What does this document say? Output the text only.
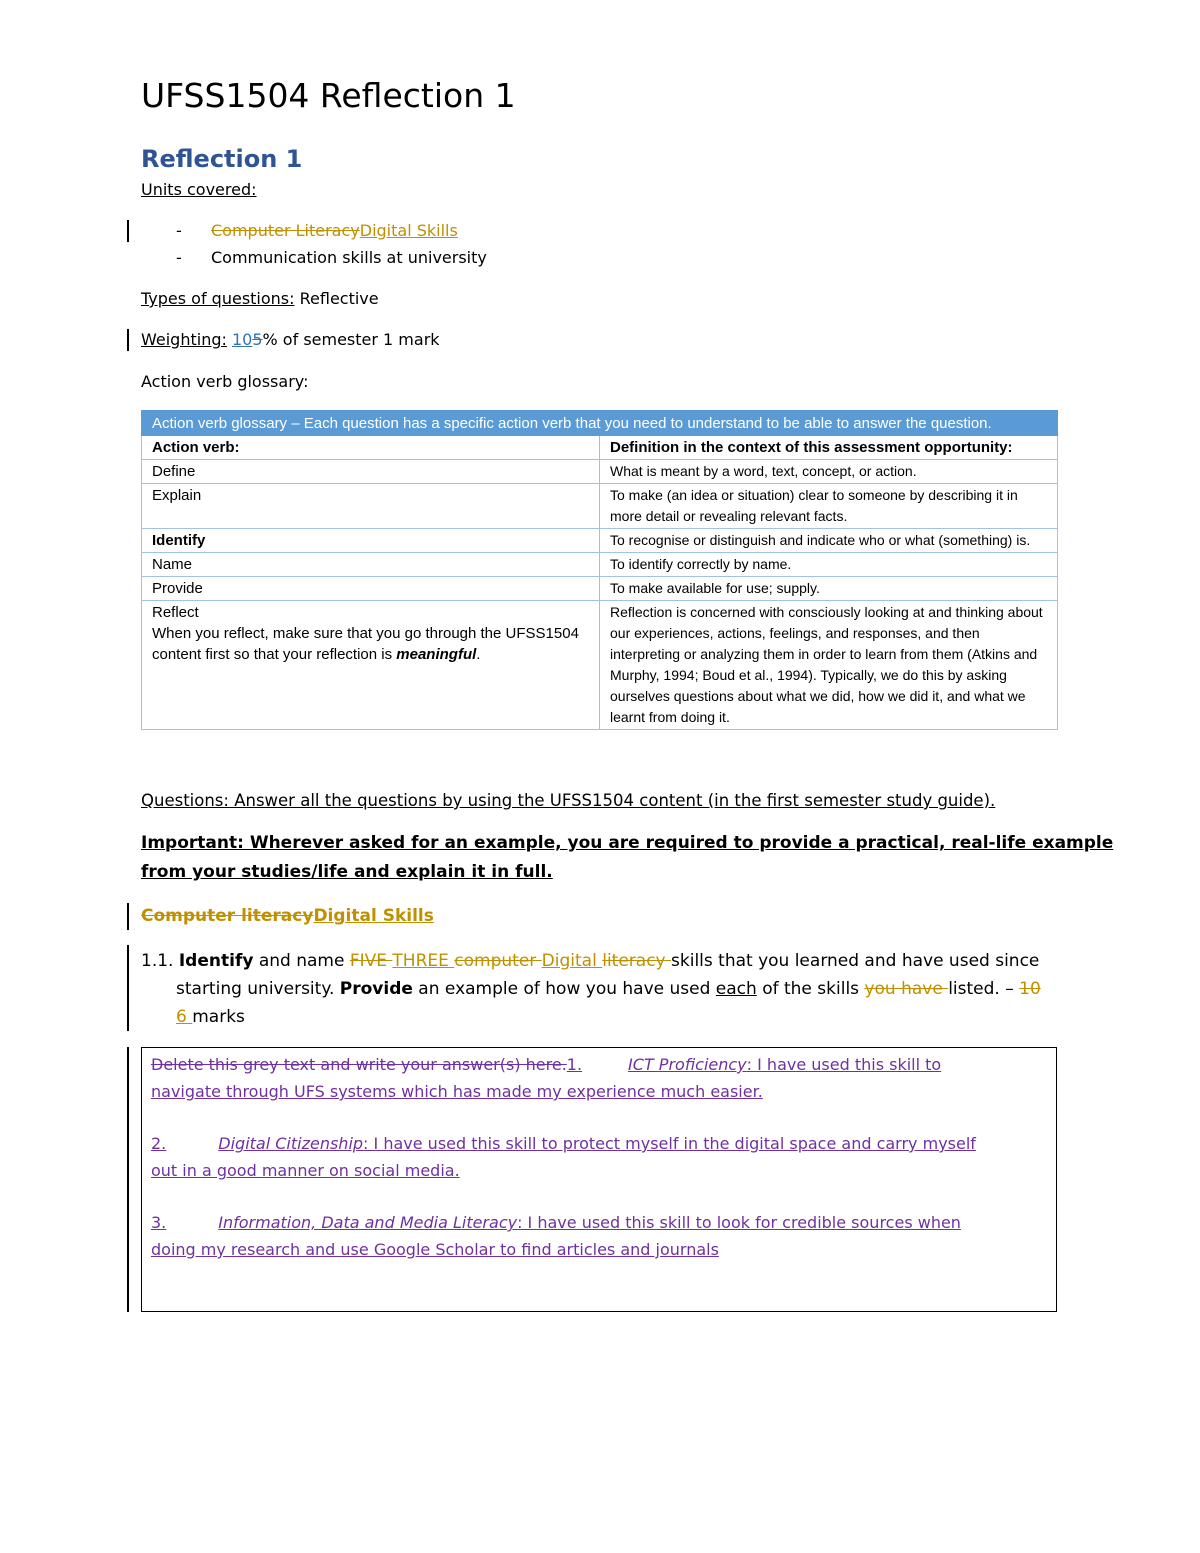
UFSS1504 Reflection 1
Reflection 1
Units covered:
- Computer LiteracyDigital Skills
- Communication skills at university
Types of questions: Reflective
Weighting: 105% of semester 1 mark
Action verb glossary:
Action verb glossary – Each question has a specific action verb that you need to understand to be able to answer the question.	
Action verb:	Definition in the context of this assessment opportunity:
Define	What is meant by a word, text, concept, or action.
Explain	To make (an idea or situation) clear to someone by describing it in more detail or revealing relevant facts.
Identify	To recognise or distinguish and indicate who or what (something) is.
Name	To identify correctly by name.
Provide	To make available for use; supply.

Reflect
When you reflect, make sure that you go through the UFSS1504 content first so that your reflection is meaningful.	Reflection is concerned with consciously looking at and thinking about our experiences, actions, feelings, and responses, and then interpreting or analyzing them in order to learn from them (Atkins and Murphy, 1994; Boud et al., 1994). Typically, we do this by asking ourselves questions about what we did, how we did it, and what we learnt from doing it.
Questions: Answer all the questions by using the UFSS1504 content (in the first semester study guide).
Important: Wherever asked for an example, you are required to provide a practical, real-life example
from your studies/life and explain it in full.
Computer literacyDigital Skills
1.1. Identify and name FIVE THREE computer Digital literacy skills that you learned and have used since
starting university. Provide an example of how you have used each of the skills you have listed. – 10
6 marks
Delete this grey text and write your answer(s) here.1.	ICT Proficiency: I have used this skill to
navigate through UFS systems which has made my experience much easier.
2.	Digital Citizenship: I have used this skill to protect myself in the digital space and carry myself
out in a good manner on social media.
3.	Information, Data and Media Literacy: I have used this skill to look for credible sources when
doing my research and use Google Scholar to find articles and journals
